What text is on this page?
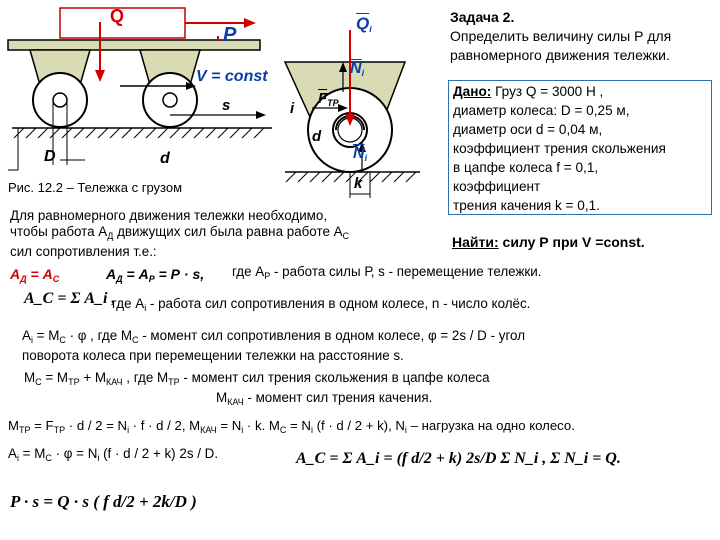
Q
P
V = const
s
D	d
$\overline{Q}_i$
$\overline{N}_i$
i
$\overline{F}_{TP}$
d
$\overline{N}_i$
k
Рис. 12.2 – Тележка с грузом
Задача 2.
Определить величину силы Р для
равномерного движения тележки.
Дано: Груз Q = 3000 Н ,
диаметр колеса: D = 0,25 м,
диаметр оси d = 0,04 м,
коэффициент трения скольжения
в цапфе колеса f = 0,1,
коэффициент
трения качения k = 0,1.
Найти: силу Р при V =const.
Для равномерного движения тележки необходимо,
чтобы работа $А_Д$ движущих сил была равна работе $А_С$
сил сопротивления т.е.:
$А_Д = А_С$	$А_Д = А_Р = Р \cdot s$, где $А_Р$ - работа силы Р, s - перемещение тележки.
A_C = Σ A_i ,
где $А_i$ - работа сил сопротивления в одном колесе, n - число колёс.
$А_i = М_С \cdot \varphi$ , где $М_С$ - момент сил сопротивления в одном колесе, φ = 2s / D - угол
поворота колеса при перемещении тележки на расстояние s.
$М_С = М_{ТР} + М_{КАЧ}$ , где $М_{ТР}$ - момент сил трения скольжения в цапфе колеса
$М_{КАЧ}$ - момент сил трения качения.
$М_{ТР} = F_{ТР} \cdot d / 2 = N_i \cdot f \cdot d / 2$, $М_{КАЧ} = N_i \cdot k$. $М_С = N_i$ (f · d / 2 + k), $N_i$ – нагрузка на одно колесо.
$А_i = М_С \cdot \varphi = N_i$ (f · d / 2 + k) 2s / D.	A_C = Σ A_i = (f d/2 + k) 2s/D Σ N_i , Σ N_i = Q.
P · s = Q · s ( f d/2 + 2k/D )
